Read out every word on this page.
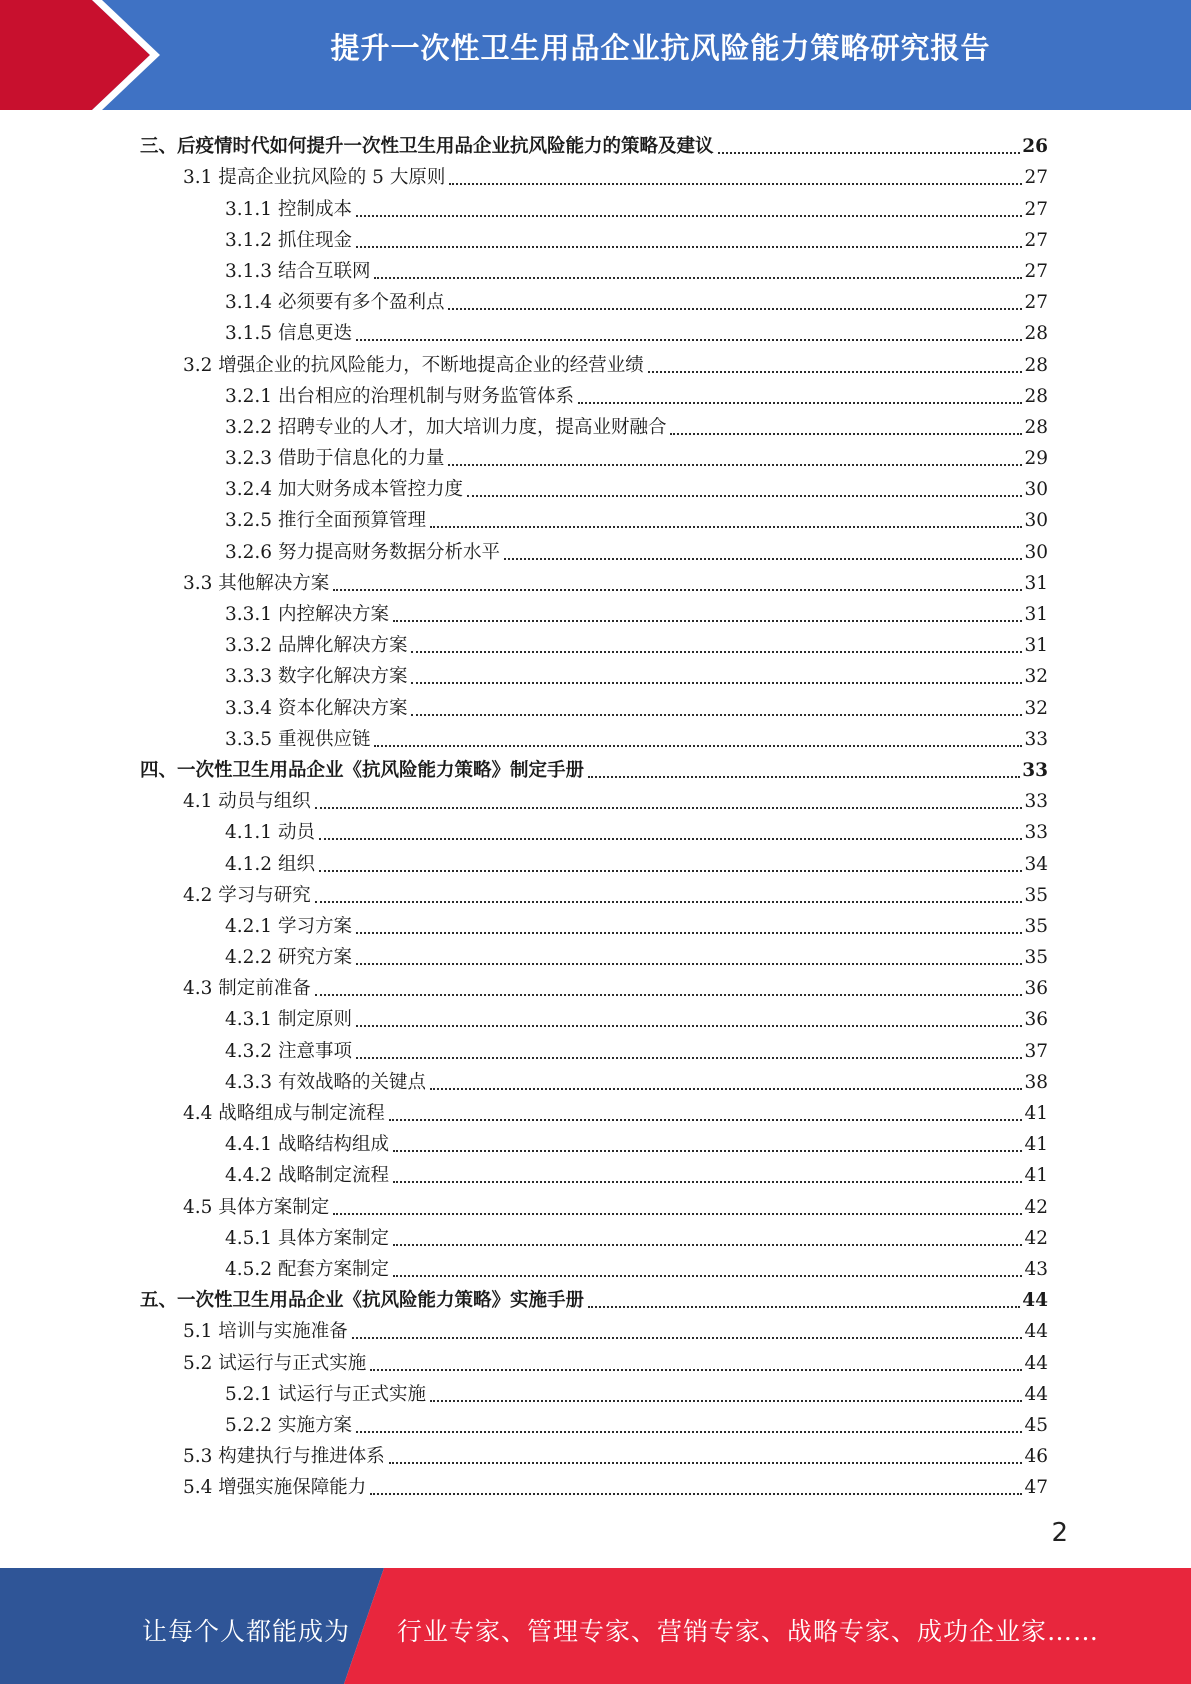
提升一次性卫生用品企业抗风险能力策略研究报告
三、后疫情时代如何提升一次性卫生用品企业抗风险能力的策略及建议	26
3.1 提高企业抗风险的 5 大原则	27
3.1.1 控制成本	27
3.1.2 抓住现金	27
3.1.3 结合互联网	27
3.1.4 必须要有多个盈利点	27
3.1.5 信息更迭	28
3.2 增强企业的抗风险能力，不断地提高企业的经营业绩	28
3.2.1 出台相应的治理机制与财务监管体系	28
3.2.2 招聘专业的人才，加大培训力度，提高业财融合	28
3.2.3 借助于信息化的力量	29
3.2.4 加大财务成本管控力度	30
3.2.5 推行全面预算管理	30
3.2.6 努力提高财务数据分析水平	30
3.3 其他解决方案	31
3.3.1 内控解决方案	31
3.3.2 品牌化解决方案	31
3.3.3 数字化解决方案	32
3.3.4 资本化解决方案	32
3.3.5 重视供应链	33
四、一次性卫生用品企业《抗风险能力策略》制定手册	33
4.1 动员与组织	33
4.1.1 动员	33
4.1.2 组织	34
4.2 学习与研究	35
4.2.1 学习方案	35
4.2.2 研究方案	35
4.3 制定前准备	36
4.3.1 制定原则	36
4.3.2 注意事项	37
4.3.3 有效战略的关键点	38
4.4 战略组成与制定流程	41
4.4.1 战略结构组成	41
4.4.2 战略制定流程	41
4.5 具体方案制定	42
4.5.1 具体方案制定	42
4.5.2 配套方案制定	43
五、一次性卫生用品企业《抗风险能力策略》实施手册	44
5.1 培训与实施准备	44
5.2 试运行与正式实施	44
5.2.1 试运行与正式实施	44
5.2.2 实施方案	45
5.3 构建执行与推进体系	46
5.4 增强实施保障能力	47
2
让每个人都能成为 行业专家、管理专家、营销专家、战略专家、成功企业家……
